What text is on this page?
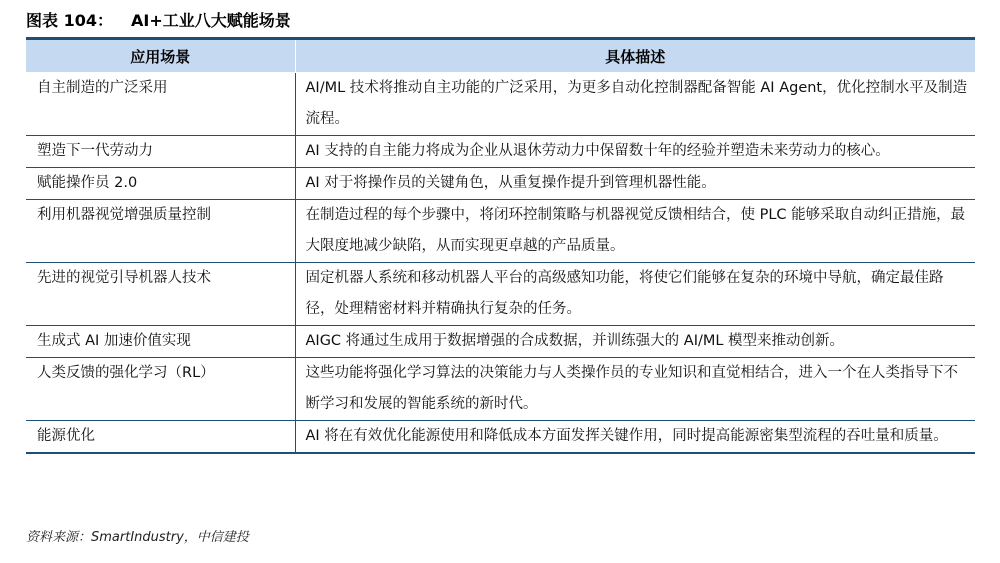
图表 104： AI+工业八大赋能场景
应用场景	具体描述
自主制造的广泛采用	AI/ML 技术将推动自主功能的广泛采用，为更多自动化控制器配备智能 AI Agent，优化控制水平及制造流程。
塑造下一代劳动力	AI 支持的自主能力将成为企业从退休劳动力中保留数十年的经验并塑造未来劳动力的核心。
赋能操作员 2.0	AI 对于将操作员的关键角色，从重复操作提升到管理机器性能。
利用机器视觉增强质量控制	在制造过程的每个步骤中，将闭环控制策略与机器视觉反馈相结合，使 PLC 能够采取自动纠正措施，最大限度地减少缺陷，从而实现更卓越的产品质量。
先进的视觉引导机器人技术	固定机器人系统和移动机器人平台的高级感知功能，将使它们能够在复杂的环境中导航，确定最佳路径，处理精密材料并精确执行复杂的任务。
生成式 AI 加速价值实现	AIGC 将通过生成用于数据增强的合成数据，并训练强大的 AI/ML 模型来推动创新。
人类反馈的强化学习（RL）	这些功能将强化学习算法的决策能力与人类操作员的专业知识和直觉相结合，进入一个在人类指导下不断学习和发展的智能系统的新时代。
能源优化	AI 将在有效优化能源使用和降低成本方面发挥关键作用，同时提高能源密集型流程的吞吐量和质量。
资料来源：SmartIndustry，中信建投
